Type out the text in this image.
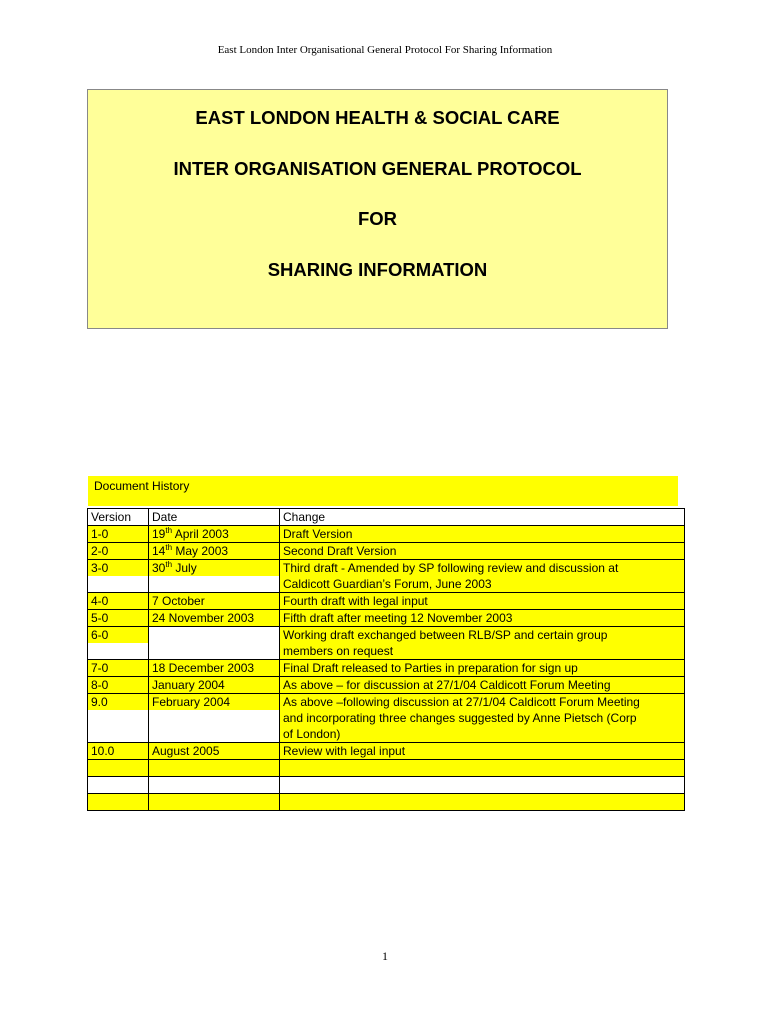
East London Inter Organisational General Protocol For Sharing Information
EAST LONDON HEALTH & SOCIAL CARE
INTER ORGANISATION GENERAL PROTOCOL
FOR
SHARING INFORMATION
Document History
Version	Date	Change

1-0	19th April 2003	Draft Version

2-0	14th May 2003	Second Draft Version

3-0	30th July	Third draft - Amended by SP following review and discussion at
Caldicott Guardian’s Forum, June 2003

4-0	7 October	Fourth draft with legal input

5-0	24 November 2003	Fifth draft after meeting 12 November 2003

6-0		Working draft exchanged between RLB/SP and certain group
members on request

7-0	18 December 2003	Final Draft released to Parties in preparation for sign up

8-0	January 2004	As above – for discussion at 27/1/04 Caldicott Forum Meeting

9.0	February 2004	As above –following discussion at 27/1/04 Caldicott Forum Meeting
and incorporating three changes suggested by Anne Pietsch (Corp
of London)

10.0	August 2005	Review with legal input

1
